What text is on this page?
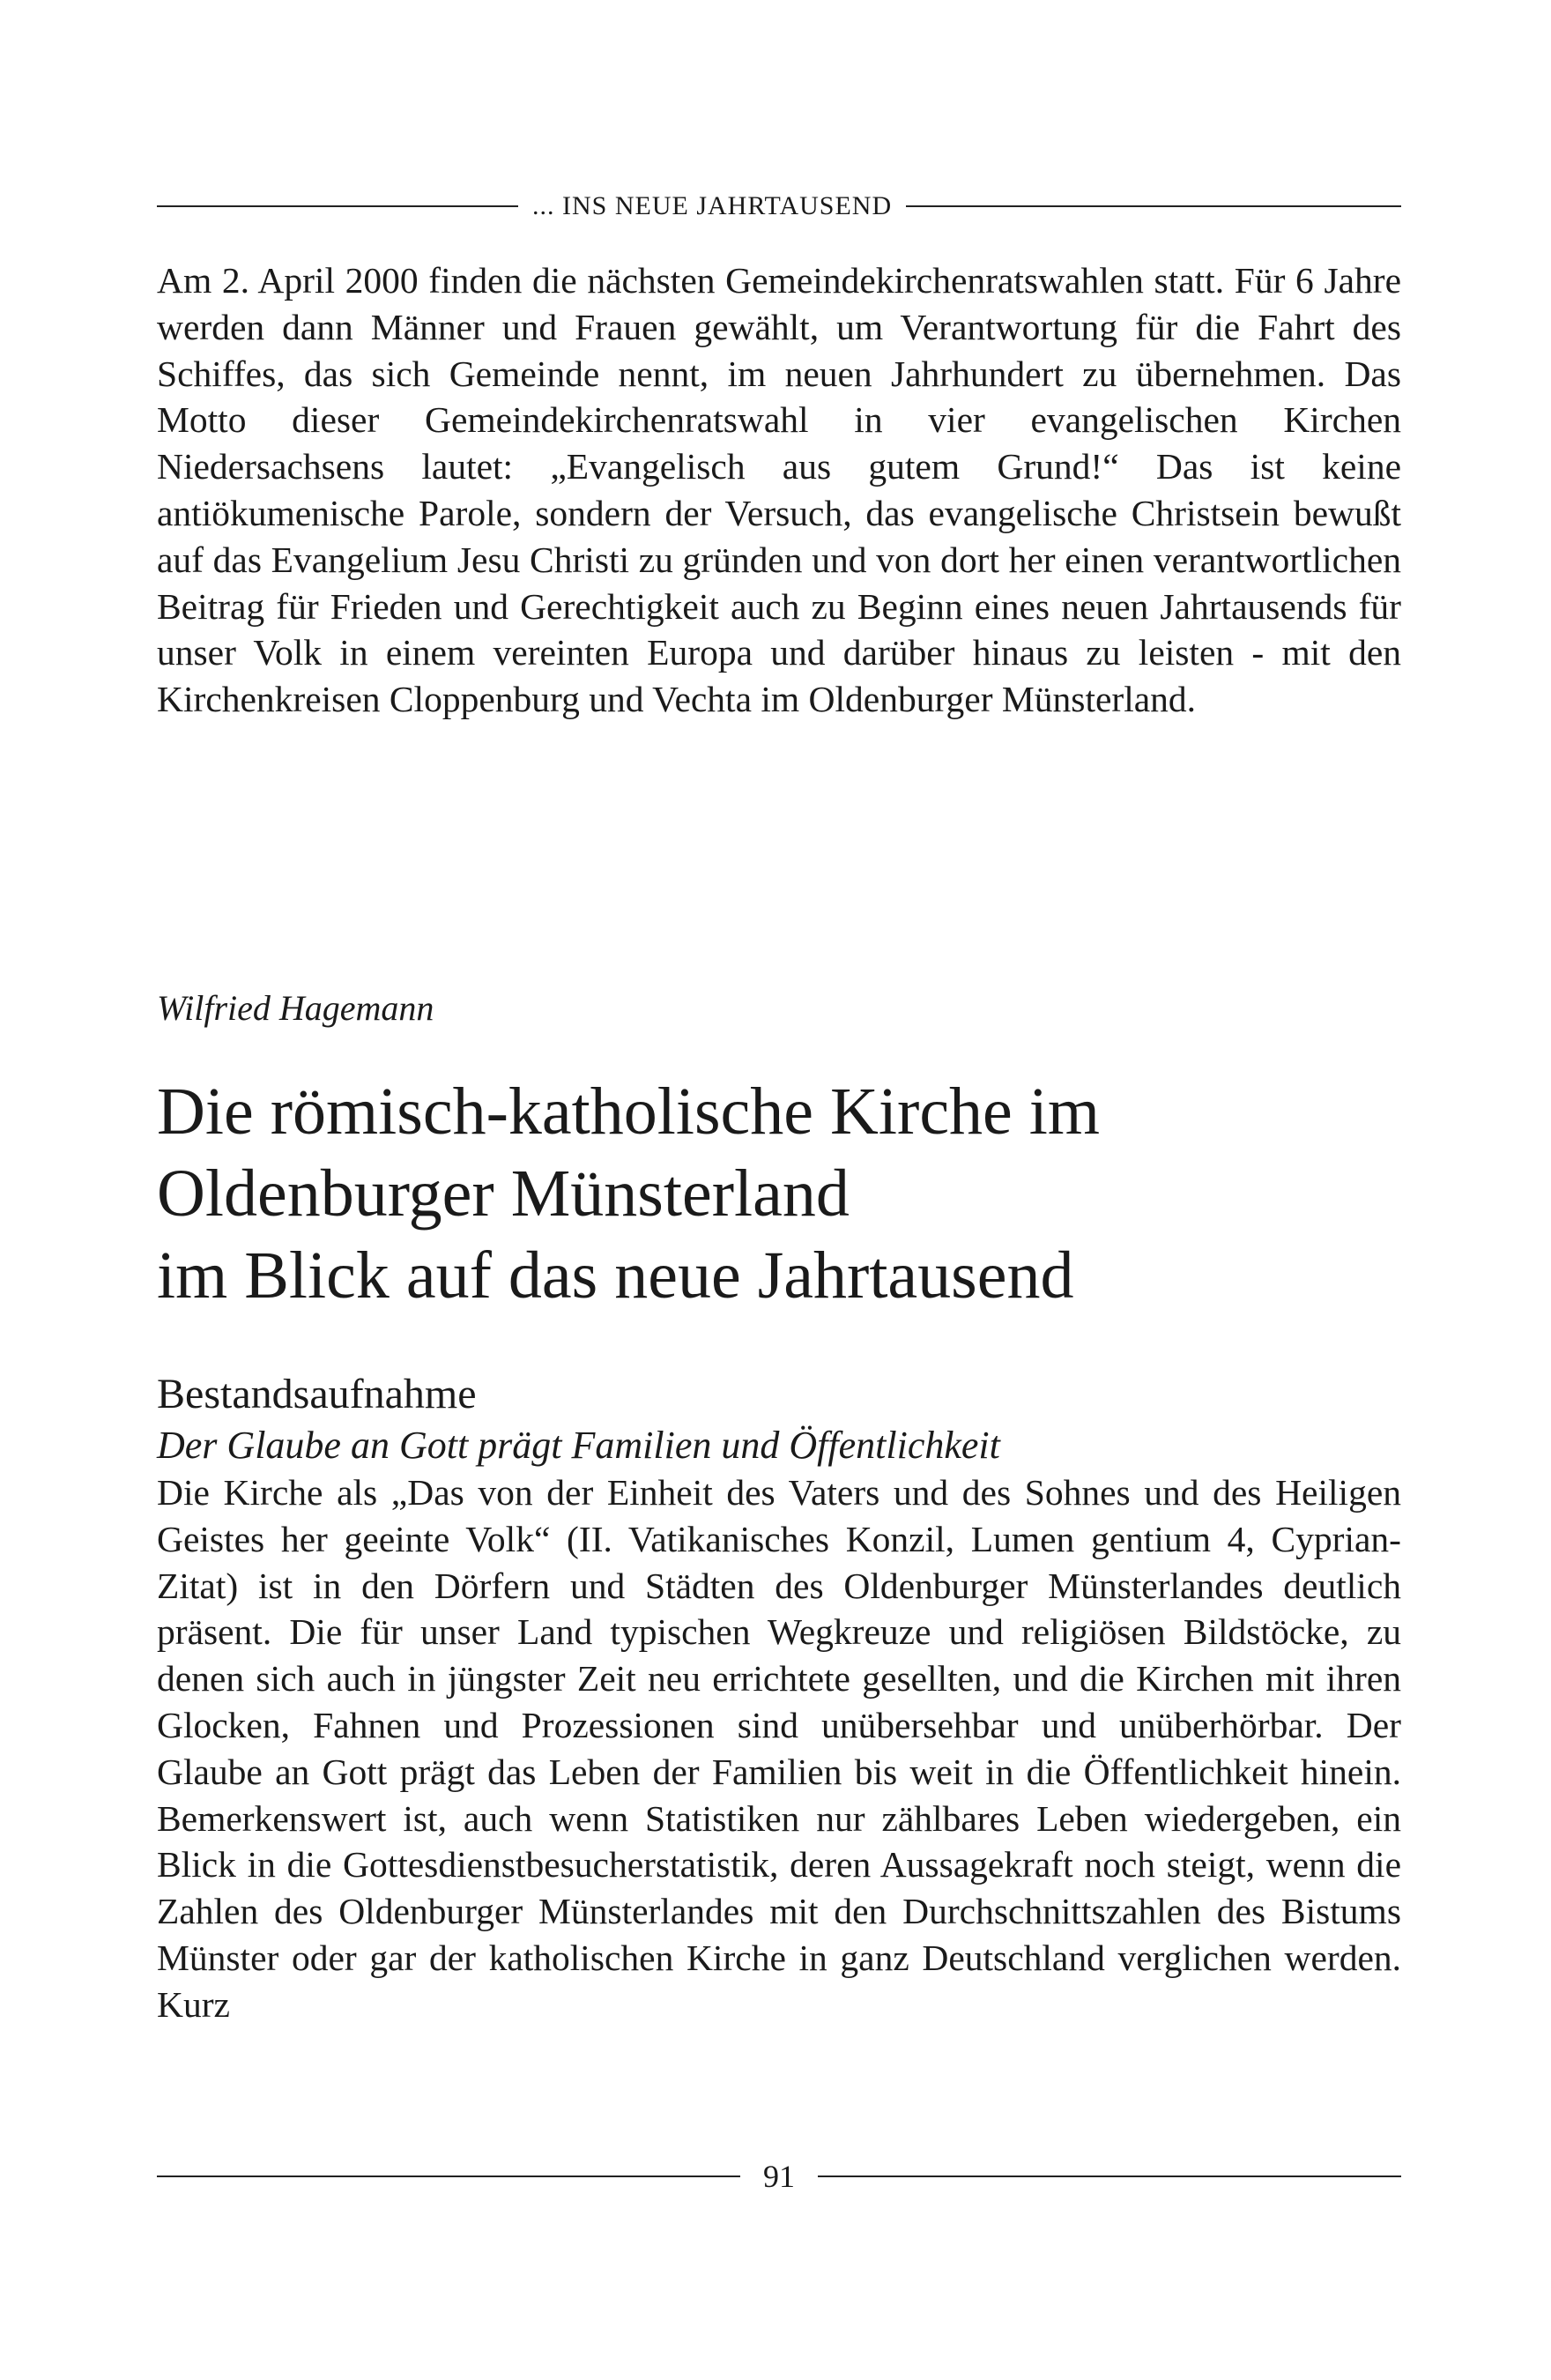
... INS NEUE JAHRTAUSEND

Am 2. April 2000 finden die nächsten Gemeindekirchenratswahlen statt. Für 6 Jahre werden dann Männer und Frauen gewählt, um Verantwortung für die Fahrt des Schiffes, das sich Gemeinde nennt, im neuen Jahrhundert zu übernehmen. Das Motto dieser Gemeindekirchenratswahl in vier evangelischen Kirchen Niedersachsens lautet: „Evangelisch aus gutem Grund!“ Das ist keine antiökumenische Parole, sondern der Versuch, das evangelische Christsein bewußt auf das Evangelium Jesu Christi zu gründen und von dort her einen verantwortlichen Beitrag für Frieden und Gerechtigkeit auch zu Beginn eines neuen Jahrtausends für unser Volk in einem vereinten Europa und darüber hinaus zu leisten - mit den Kirchenkreisen Cloppenburg und Vechta im Oldenburger Münsterland.

Wilfried Hagemann

Die römisch-katholische Kirche im
Oldenburger Münsterland
im Blick auf das neue Jahrtausend
Bestandsaufnahme
Der Glaube an Gott prägt Familien und Öffentlichkeit

Die Kirche als „Das von der Einheit des Vaters und des Sohnes und des Heiligen Geistes her geeinte Volk“ (II. Vatikanisches Konzil, Lumen gentium 4, Cyprian-Zitat) ist in den Dörfern und Städten des Oldenburger Münsterlandes deutlich präsent. Die für unser Land typischen Wegkreuze und religiösen Bildstöcke, zu denen sich auch in jüngster Zeit neu errichtete gesellten, und die Kirchen mit ihren Glocken, Fahnen und Prozessionen sind unübersehbar und unüberhörbar. Der Glaube an Gott prägt das Leben der Familien bis weit in die Öffentlichkeit hinein. Bemerkenswert ist, auch wenn Statistiken nur zählbares Leben wiedergeben, ein Blick in die Gottesdienstbesucherstatistik, deren Aussagekraft noch steigt, wenn die Zahlen des Oldenburger Münsterlandes mit den Durchschnittszahlen des Bistums Münster oder gar der katholischen Kirche in ganz Deutschland verglichen werden. Kurz

91
